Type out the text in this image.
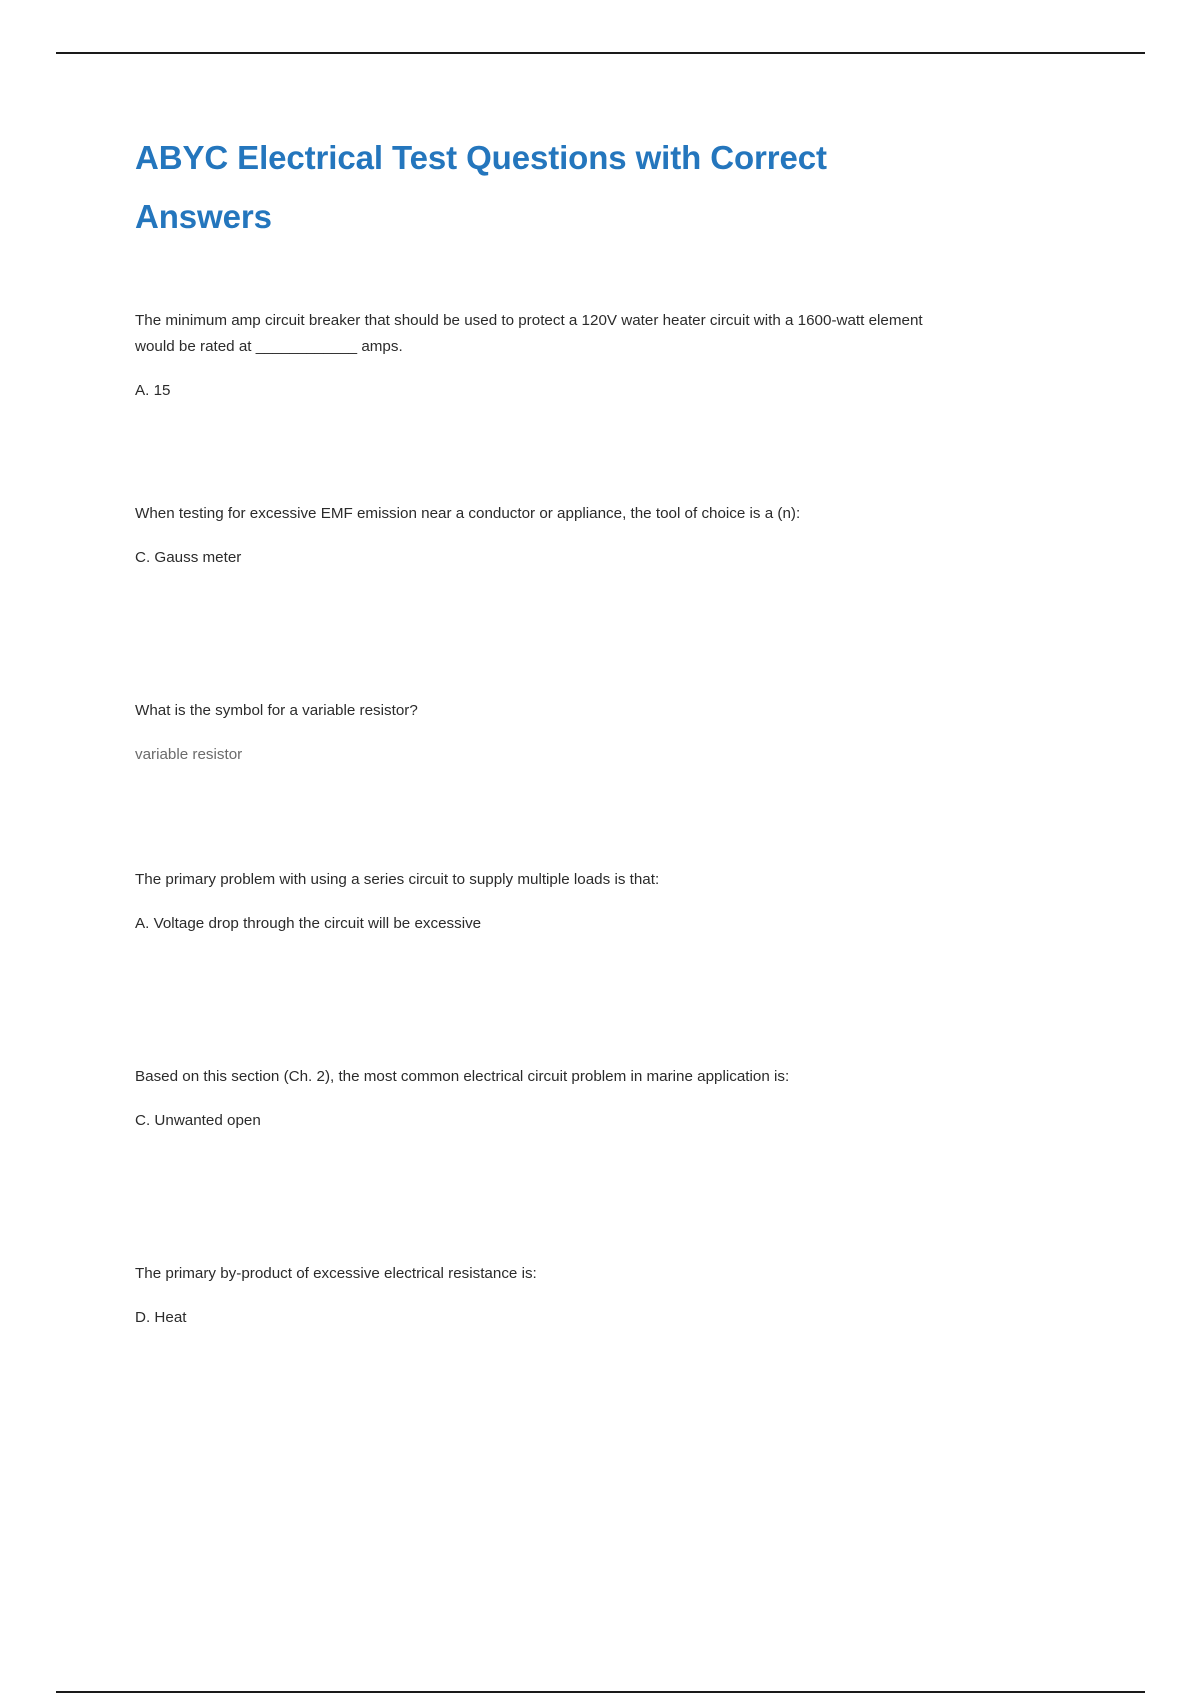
ABYC Electrical Test Questions with Correct Answers

The minimum amp circuit breaker that should be used to protect a 120V water heater circuit with a 1600-watt element would be rated at ____________ amps.

A. 15

When testing for excessive EMF emission near a conductor or appliance, the tool of choice is a (n):

C. Gauss meter

What is the symbol for a variable resistor?

variable resistor

The primary problem with using a series circuit to supply multiple loads is that:

A. Voltage drop through the circuit will be excessive

Based on this section (Ch. 2), the most common electrical circuit problem in marine application is:

C. Unwanted open

The primary by-product of excessive electrical resistance is:

D. Heat
